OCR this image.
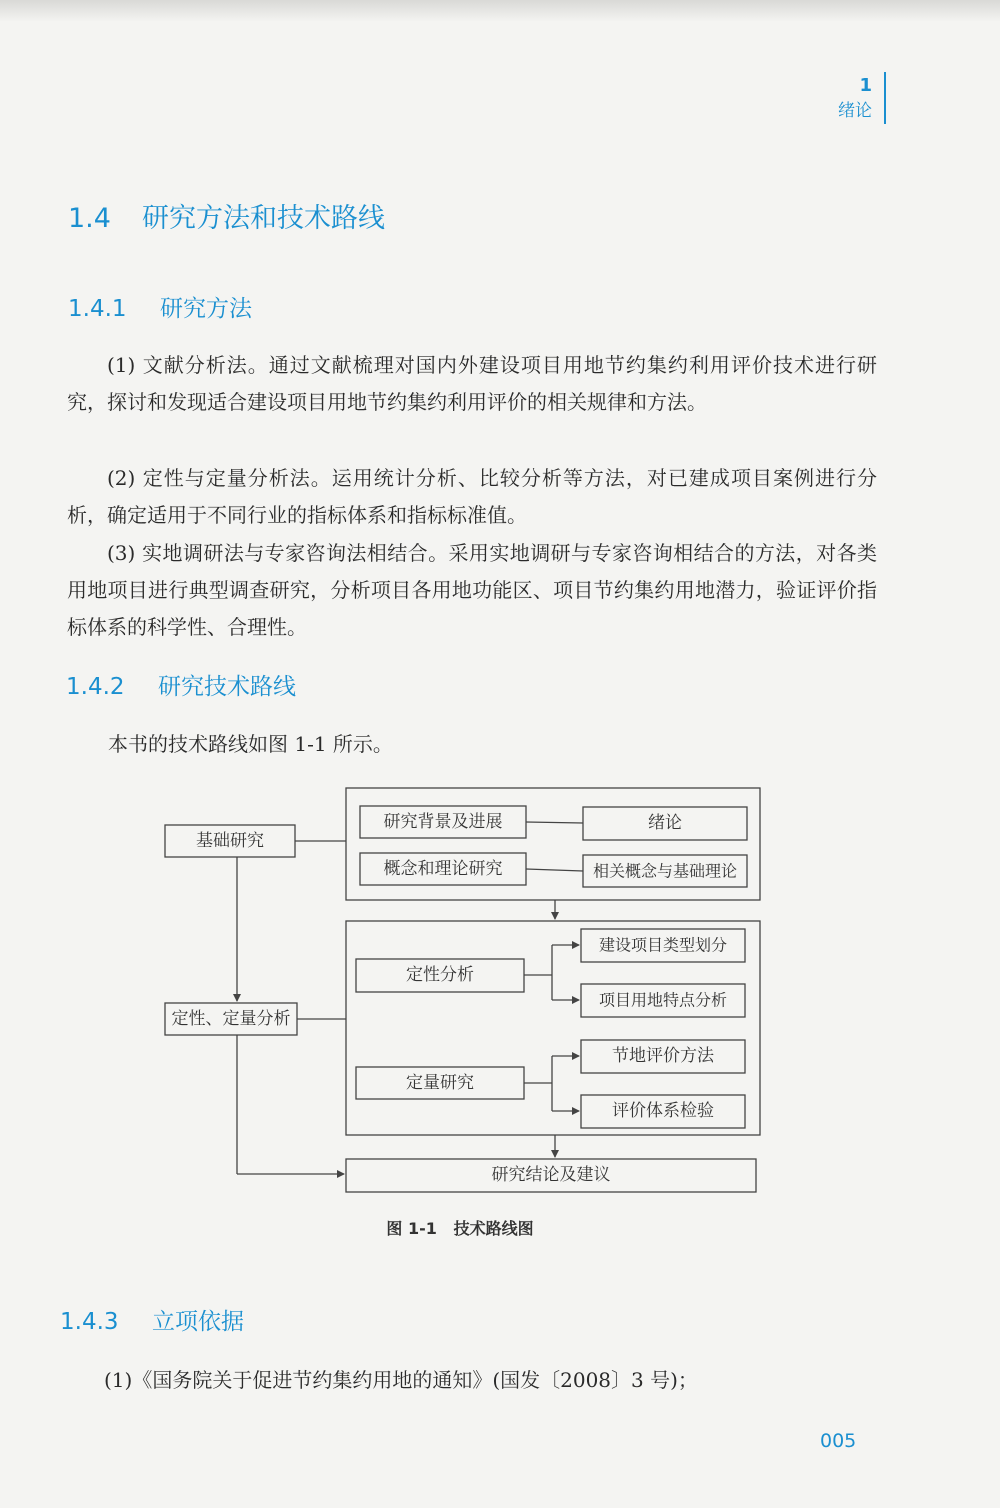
1
绪论
1.4 研究方法和技术路线
1.4.1 研究方法

(1) 文献分析法。通过文献梳理对国内外建设项目用地节约集约利用评价技术进行研究，探讨和发现适合建设项目用地节约集约利用评价的相关规律和方法。

(2) 定性与定量分析法。运用统计分析、比较分析等方法，对已建成项目案例进行分析，确定适用于不同行业的指标体系和指标标准值。

(3) 实地调研法与专家咨询法相结合。采用实地调研与专家咨询相结合的方法，对各类用地项目进行典型调查研究，分析项目各用地功能区、项目节约集约用地潜力，验证评价指标体系的科学性、合理性。

1.4.2 研究技术路线
本书的技术路线如图 1-1 所示。
基础研究
定性、定量分析
研究背景及进展
概念和理论研究
绪论
相关概念与基础理论
定性分析
建设项目类型划分
项目用地特点分析
定量研究
节地评价方法
评价体系检验
研究结论及建议
图 1-1 技术路线图
1.4.3 立项依据
(1)《国务院关于促进节约集约用地的通知》(国发〔2008〕3 号)；
005
